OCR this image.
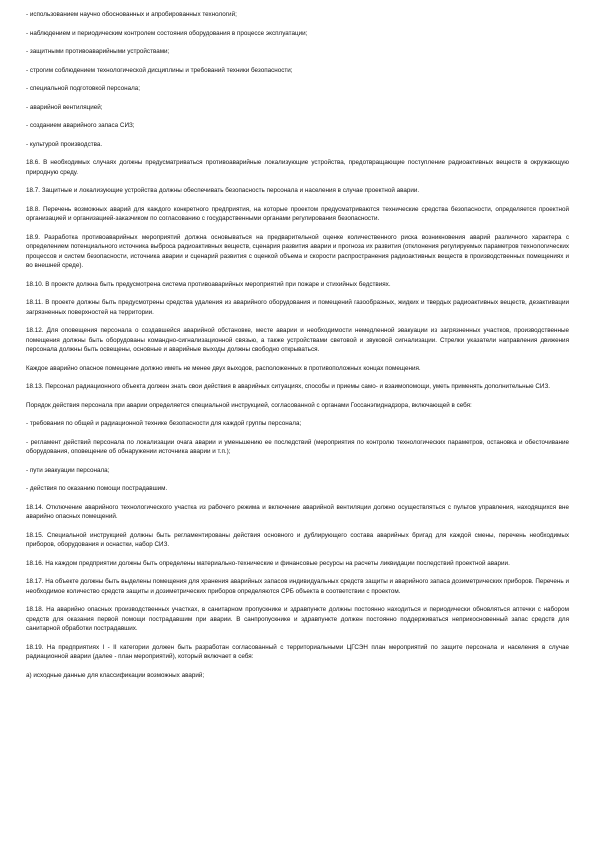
- использованием научно обоснованных и апробированных технологий;

- наблюдением и периодическим контролем состояния оборудования в процессе эксплуатации;

- защитными противоаварийными устройствами;

- строгим соблюдением технологической дисциплины и требований техники безопасности;

- специальной подготовкой персонала;

- аварийной вентиляцией;

- созданием аварийного запаса СИЗ;

- культурой производства.

18.6. В необходимых случаях должны предусматриваться противоаварийные локализующие устройства, предотвращающие поступление радиоактивных веществ в окружающую природную среду.

18.7. Защитные и локализующие устройства должны обеспечивать безопасность персонала и населения в случае проектной аварии.

18.8. Перечень возможных аварий для каждого конкретного предприятия, на которые проектом предусматриваются технические средства безопасности, определяется проектной организацией и организацией-заказчиком по согласованию с государственными органами регулирования безопасности.

18.9. Разработка противоаварийных мероприятий должна основываться на предварительной оценке количественного риска возникновения аварий различного характера с определением потенциального источника выброса радиоактивных веществ, сценария развития аварии и прогноза их развития (отклонения регулируемых параметров технологических процессов и систем безопасности, источника аварии и сценарий развития с оценкой объема и скорости распространения радиоактивных веществ в производственных помещениях и во внешней среде).

18.10. В проекте должна быть предусмотрена система противоаварийных мероприятий при пожаре и стихийных бедствиях.

18.11. В проекте должны быть предусмотрены средства удаления из аварийного оборудования и помещений газообразных, жидких и твердых радиоактивных веществ, дезактивации загрязненных поверхностей на территории.

18.12. Для оповещения персонала о создавшейся аварийной обстановке, месте аварии и необходимости немедленной эвакуации из загрязненных участков, производственные помещения должны быть оборудованы командно-сигнализационной связью, а также устройствами световой и звуковой сигнализации. Стрелки указатели направления движения персонала должны быть освещены, основные и аварийные выходы должны свободно открываться.

Каждое аварийно опасное помещение должно иметь не менее двух выходов, расположенных в противоположных концах помещения.

18.13. Персонал радиационного объекта должен знать свои действия в аварийных ситуациях, способы и приемы само- и взаимопомощи, уметь применять дополнительные СИЗ.

Порядок действия персонала при аварии определяется специальной инструкцией, согласованной с органами Госсанэпиднадзора, включающей в себя:

- требования по общей и радиационной технике безопасности для каждой группы персонала;

- регламент действий персонала по локализации очага аварии и уменьшению ее последствий (мероприятия по контролю технологических параметров, остановка и обесточивание оборудования, оповещение об обнаружении источника аварии и т.п.);

- пути эвакуации персонала;

- действия по оказанию помощи пострадавшим.

18.14. Отключение аварийного технологического участка из рабочего режима и включение аварийной вентиляции должно осуществляться с пультов управления, находящихся вне аварийно опасных помещений.

18.15. Специальной инструкцией должны быть регламентированы действия основного и дублирующего состава аварийных бригад для каждой смены, перечень необходимых приборов, оборудования и оснастки, набор СИЗ.

18.16. На каждом предприятии должны быть определены материально-технические и финансовые ресурсы на расчеты ликвидации последствий проектной аварии.

18.17. На объекте должны быть выделены помещения для хранения аварийных запасов индивидуальных средств защиты и аварийного запаса дозиметрических приборов. Перечень и необходимое количество средств защиты и дозиметрических приборов определяются СРБ объекта в соответствии с проектом.

18.18. На аварийно опасных производственных участках, в санитарном пропускнике и здравпункте должны постоянно находиться и периодически обновляться аптечки с набором средств для оказания первой помощи пострадавшим при аварии. В санпропускнике и здравпункте должен постоянно поддерживаться неприкосновенный запас средств для санитарной обработки пострадавших.

18.19. На предприятиях I - II категории должен быть разработан согласованный с территориальными ЦГСЭН план мероприятий по защите персонала и населения в случае радиационной аварии (далее - план мероприятий), который включает в себя:

а) исходные данные для классификации возможных аварий;
